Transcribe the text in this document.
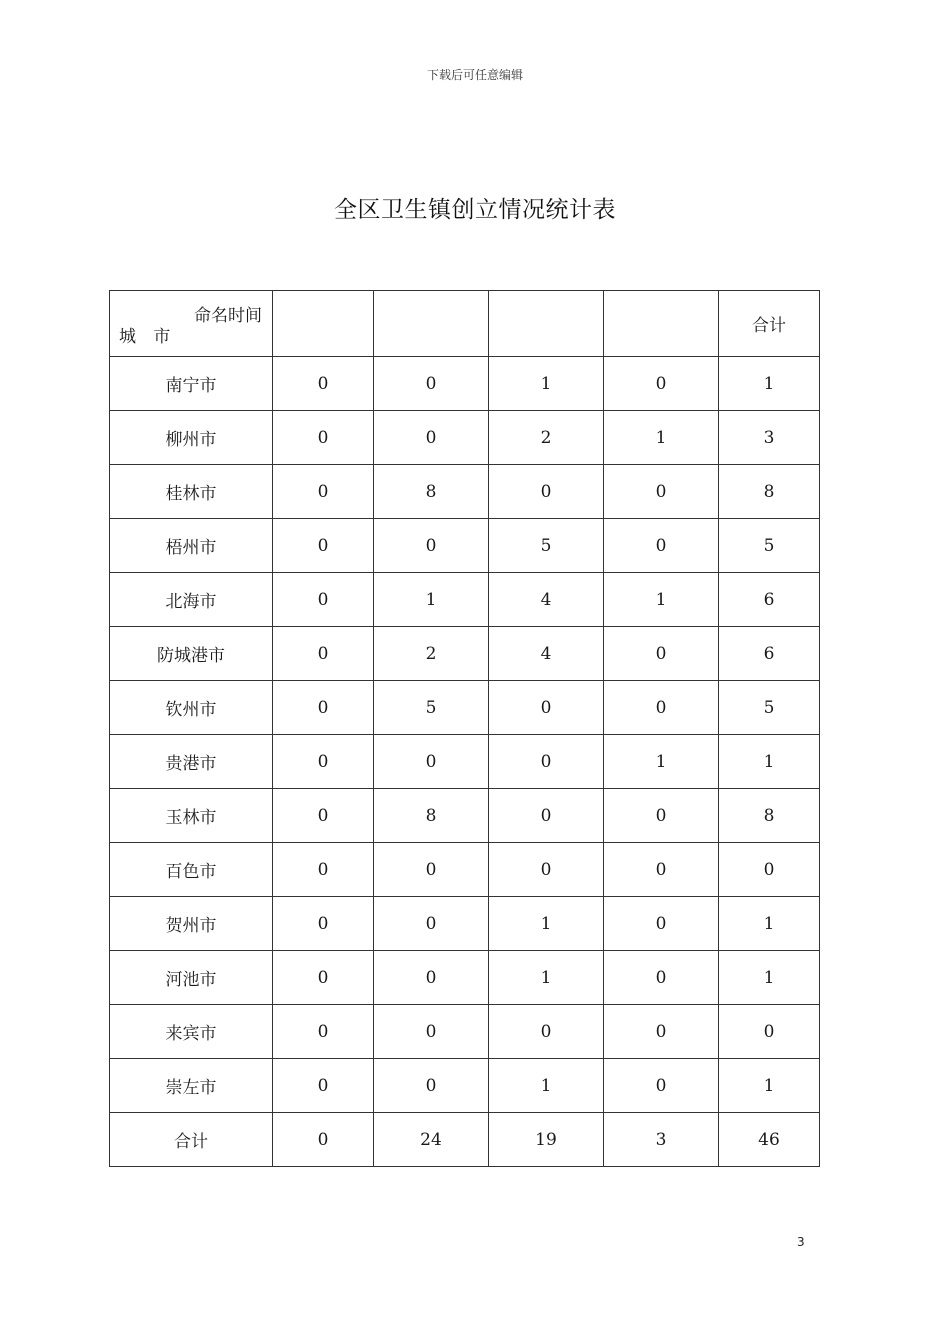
下载后可任意编辑
全区卫生镇创立情况统计表
命名时间
城 市					合计
南宁市	0	0	1	0	1
柳州市	0	0	2	1	3
桂林市	0	8	0	0	8
梧州市	0	0	5	0	5
北海市	0	1	4	1	6
防城港市	0	2	4	0	6
钦州市	0	5	0	0	5
贵港市	0	0	0	1	1
玉林市	0	8	0	0	8
百色市	0	0	0	0	0
贺州市	0	0	1	0	1
河池市	0	0	1	0	1
来宾市	0	0	0	0	0
崇左市	0	0	1	0	1
合计	0	24	19	3	46
3
